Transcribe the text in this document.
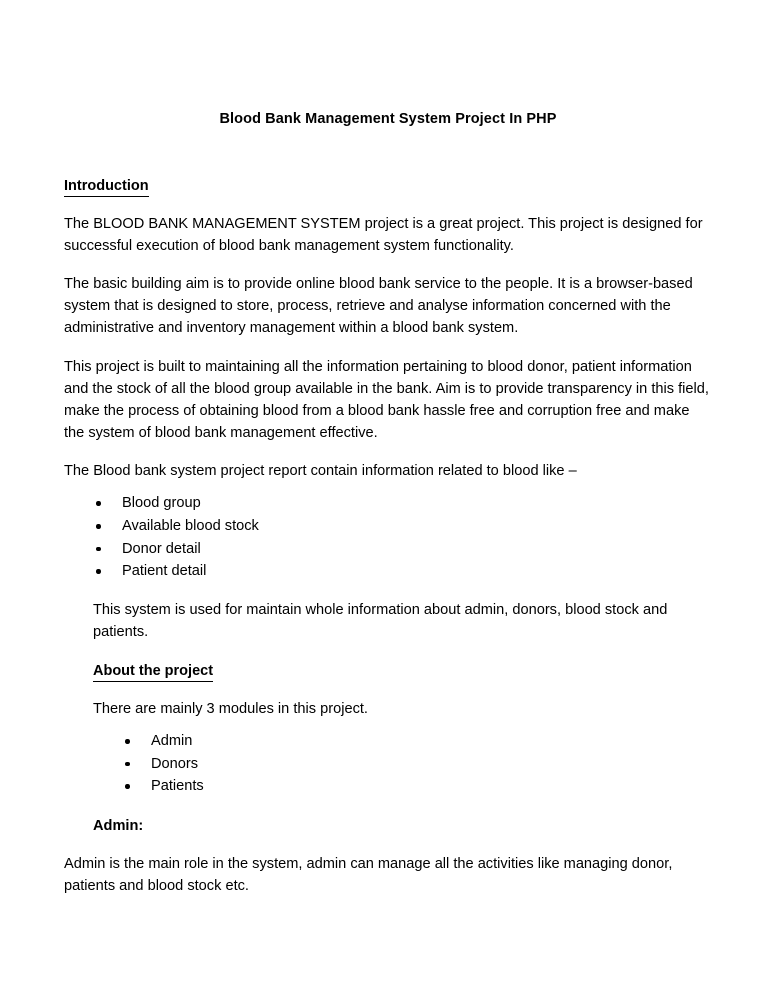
Blood Bank Management System Project In PHP
Introduction

The BLOOD BANK MANAGEMENT SYSTEM project is a great project. This project is designed for successful execution of blood bank management system functionality.

The basic building aim is to provide online blood bank service to the people. It is a browser-based system that is designed to store, process, retrieve and analyse information concerned with the administrative and inventory management within a blood bank system.

This project is built to maintaining all the information pertaining to blood donor, patient information and the stock of all the blood group available in the bank. Aim is to provide transparency in this field, make the process of obtaining blood from a blood bank hassle free and corruption free and make the system of blood bank management effective.

The Blood bank system project report contain information related to blood like –

Blood group
Available blood stock
Donor detail
Patient detail

This system is used for maintain whole information about admin, donors, blood stock and patients.

About the project

There are mainly 3 modules in this project.

Admin
Donors
Patients

Admin:

Admin is the main role in the system, admin can manage all the activities like managing donor, patients and blood stock etc.
